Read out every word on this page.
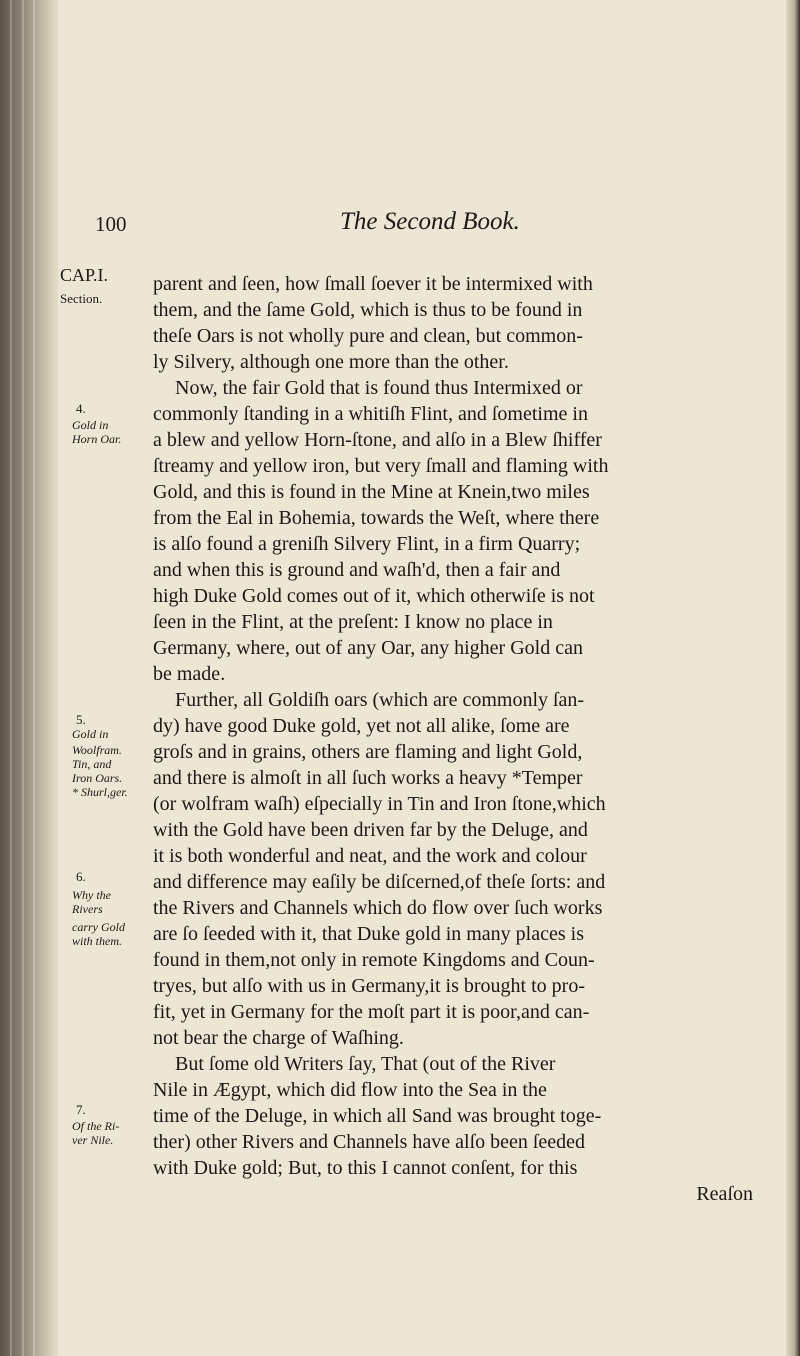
100	The Second Book.
CAP.I.
Section.
4.
Gold in
Horn Oar.
5.
Gold in
Woolfram.
Tin, and
Iron Oars.
* Shurl,ger.
6.
Why the
Rivers
carry Gold
with them.
7.
Of the Ri-
ver Nile.
parent and ſeen, how ſmall ſoever it be intermixed with
them, and the ſame Gold, which is thus to be found in
theſe Oars is not wholly pure and clean, but common-
ly Silvery, although one more than the other.
Now, the fair Gold that is found thus Intermixed or
commonly ſtanding in a whitiſh Flint, and ſometime in
a blew and yellow Horn-ſtone, and alſo in a Blew ſhiffer
ſtreamy and yellow iron, but very ſmall and flaming with
Gold, and this is found in the Mine at Knein,two miles
from the Eal in Bohemia, towards the Weſt, where there
is alſo found a greniſh Silvery Flint, in a firm Quarry;
and when this is ground and waſh'd, then a fair and
high Duke Gold comes out of it, which otherwiſe is not
ſeen in the Flint, at the preſent: I know no place in
Germany, where, out of any Oar, any higher Gold can
be made.
Further, all Goldiſh oars (which are commonly ſan-
dy) have good Duke gold, yet not all alike, ſome are
groſs and in grains, others are flaming and light Gold,
and there is almoſt in all ſuch works a heavy *Temper
(or wolfram waſh) eſpecially in Tin and Iron ſtone,which
with the Gold have been driven far by the Deluge, and
it is both wonderful and neat, and the work and colour
and difference may eaſily be diſcerned,of theſe ſorts: and
the Rivers and Channels which do flow over ſuch works
are ſo ſeeded with it, that Duke gold in many places is
found in them,not only in remote Kingdoms and Coun-
tryes, but alſo with us in Germany,it is brought to pro-
fit, yet in Germany for the moſt part it is poor,and can-
not bear the charge of Waſhing.
But ſome old Writers ſay, That (out of the River
Nile in Ægypt, which did flow into the Sea in the
time of the Deluge, in which all Sand was brought toge-
ther) other Rivers and Channels have alſo been ſeeded
with Duke gold; But, to this I cannot conſent, for this
Reaſon
